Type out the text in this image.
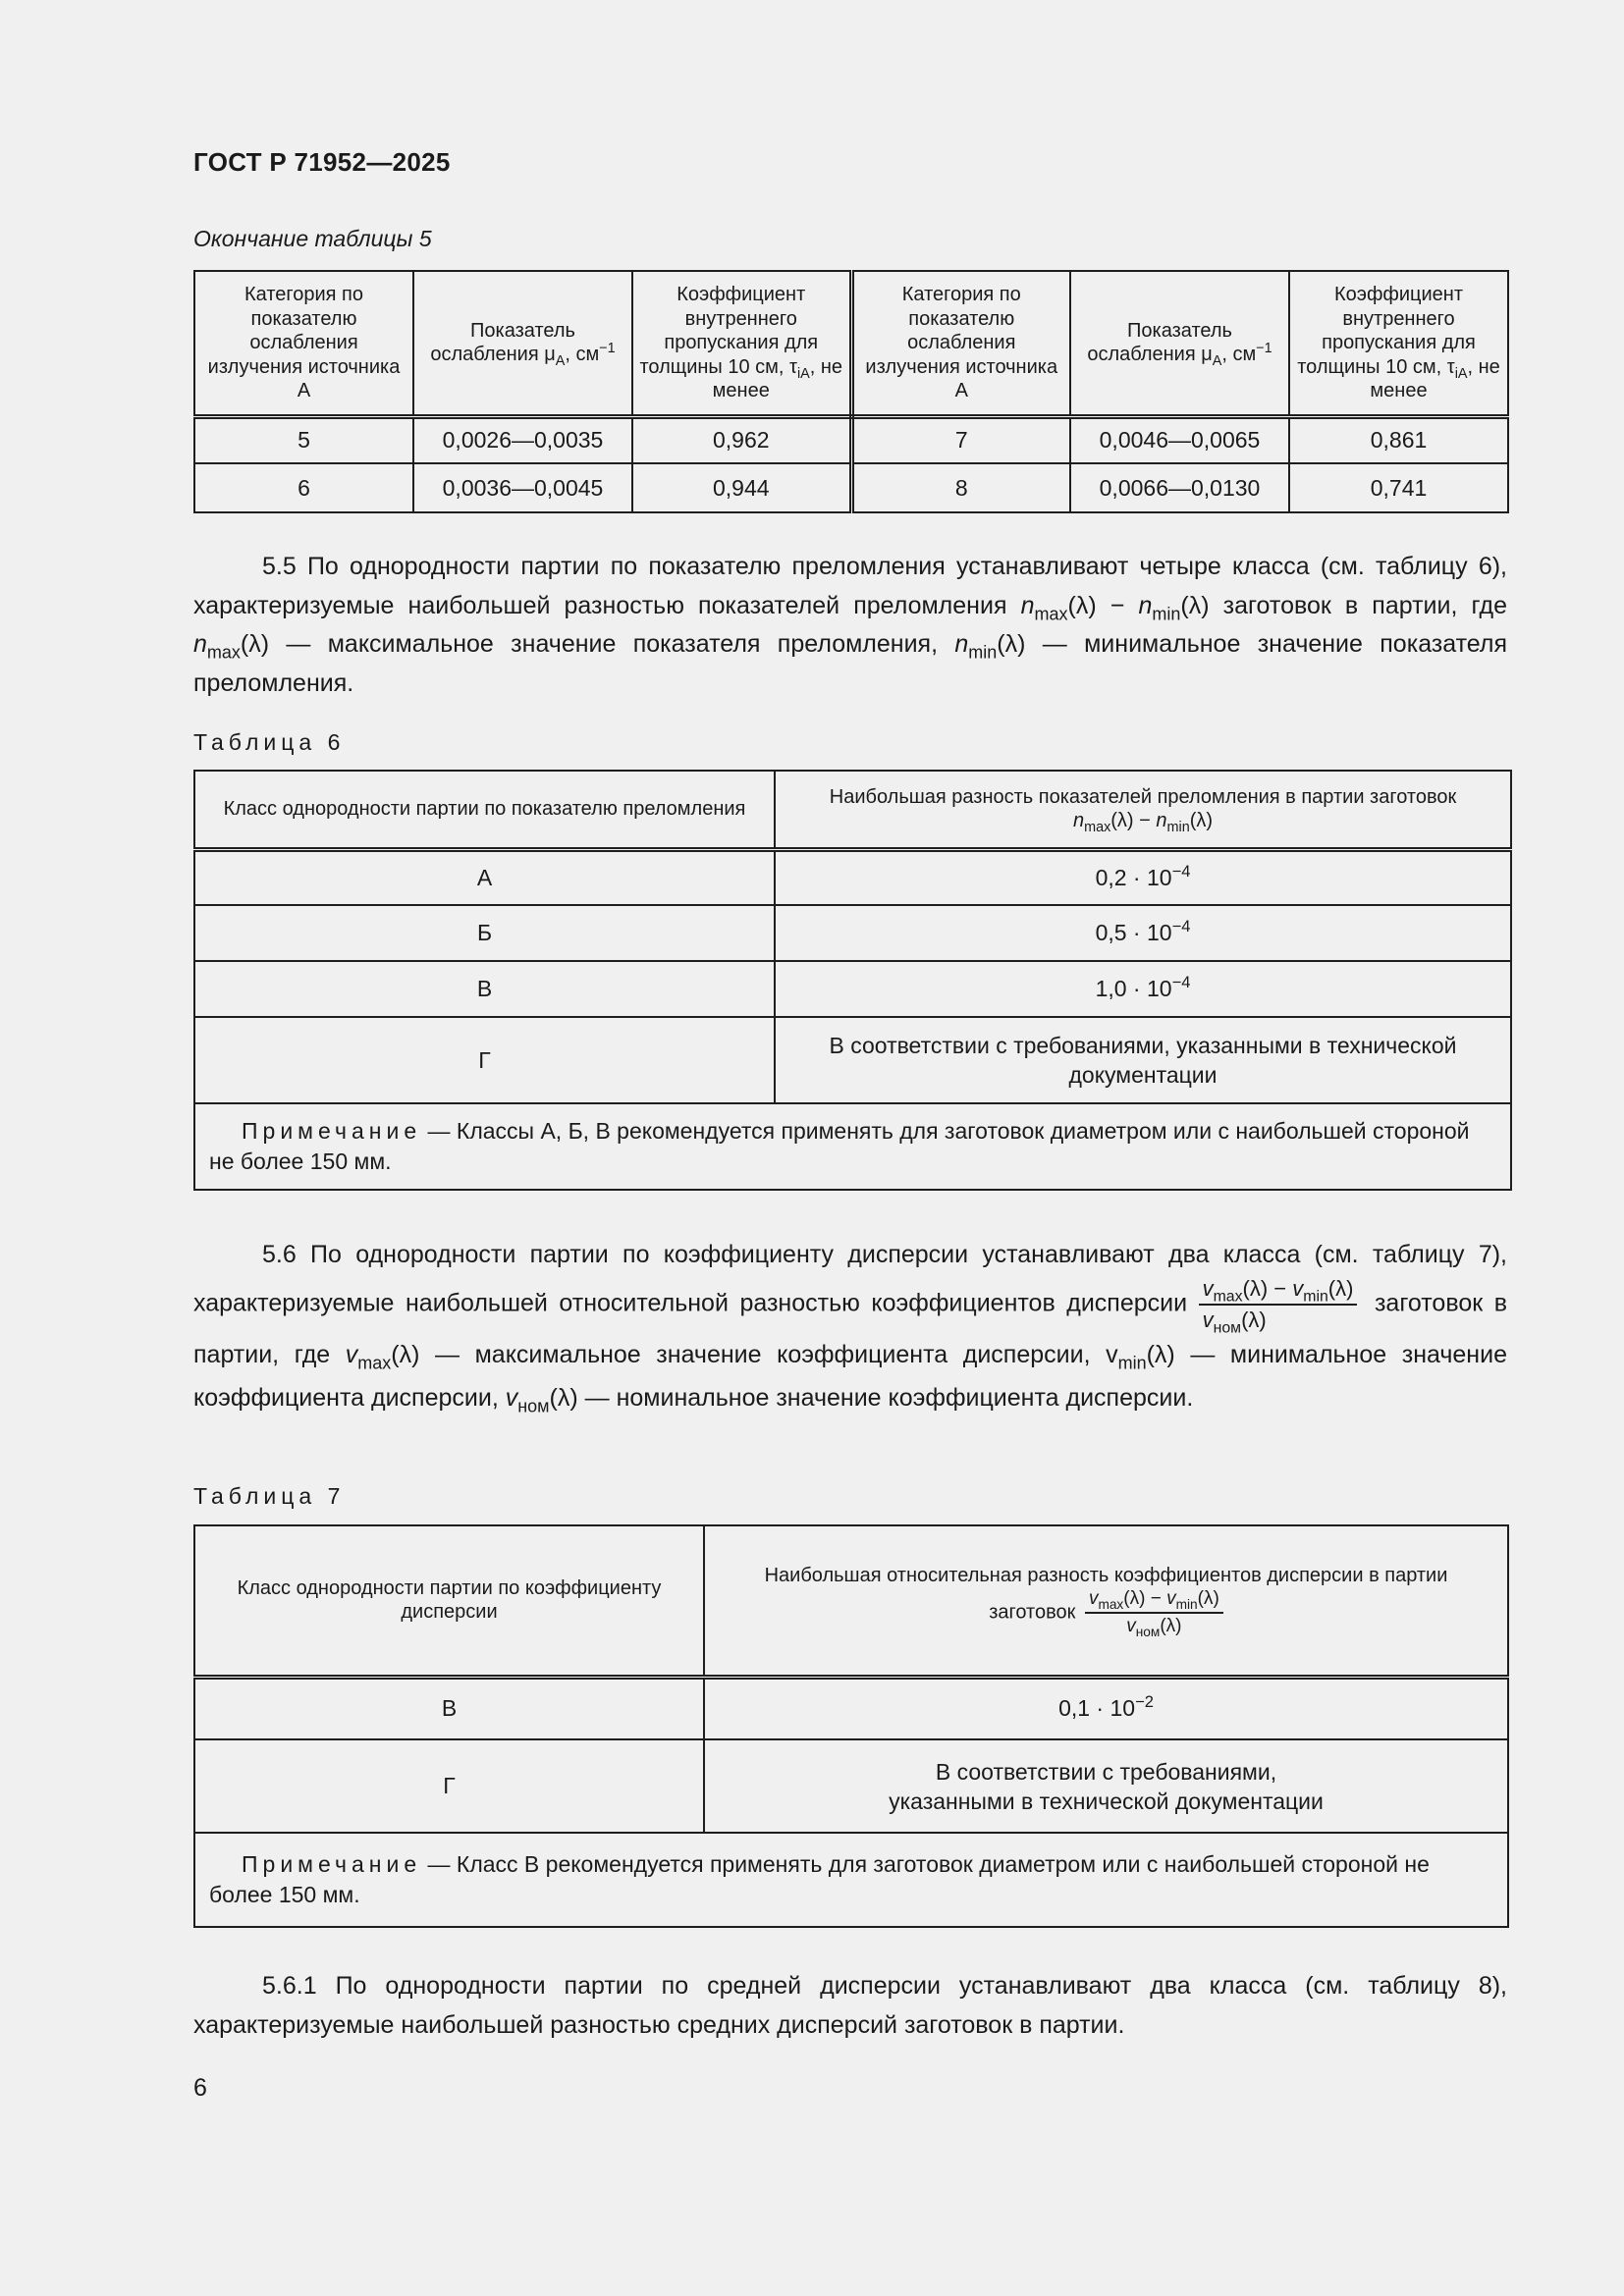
ГОСТ Р 71952—2025
Окончание таблицы 5
Категория по показателю ослабления излучения источника А	Показатель ослабления $\mu_A$, $см^{-1}$	Коэффициент внутреннего пропускания для толщины 10 см, $\tau_{iA}$, не менее	Категория по показателю ослабления излучения источника А	Показатель ослабления $\mu_A$, $см^{-1}$	Коэффициент внутреннего пропускания для толщины 10 см, $\tau_{iA}$, не менее
5	0,0026—0,0035	0,962	7	0,0046—0,0065	0,861
6	0,0036—0,0045	0,944	8	0,0066—0,0130	0,741
5.5 По однородности партии по показателю преломления устанавливают четыре класса (см. таблицу 6), характеризуемые наибольшей разностью показателей преломления $n_{max}(\lambda) - n_{min}(\lambda)$ заготовок в партии, где $n_{max}(\lambda)$ — максимальное значение показателя преломления, $n_{min}(\lambda)$ — минимальное значение показателя преломления.
Таблица 6
Класс однородности партии по показателю преломления	Наибольшая разность показателей преломления в партии заготовок
$n_{max}(\lambda) - n_{min}(\lambda)$
А	$0,2 \cdot 10^{-4}$
Б	$0,5 \cdot 10^{-4}$
В	$1,0 \cdot 10^{-4}$
Г	В соответствии с требованиями, указанными в технической документации
Примечание — Классы А, Б, В рекомендуется применять для заготовок диаметром или с наибольшей стороной не более 150 мм.	
5.6 По однородности партии по коэффициенту дисперсии устанавливают два класса (см. таблицу 7), характеризуемые наибольшей относительной разностью коэффициентов дисперсии $\frac{v_{max}(\lambda) - v_{min}(\lambda)}{v_{ном}(\lambda)}$ заготовок в партии, где $v_{max}(\lambda)$ — максимальное значение коэффициента дисперсии, $v_{min}(\lambda)$ — минимальное значение коэффициента дисперсии, $v_{ном}(\lambda)$ — номинальное значение коэффициента дисперсии.
Таблица 7
Класс однородности партии по коэффициенту дисперсии	Наибольшая относительная разность коэффициентов дисперсии в партии заготовок $\frac{v_{max}(\lambda) - v_{min}(\lambda)}{v_{ном}(\lambda)}$

В	$0,1 \cdot 10^{-2}$
Г	В соответствии с требованиями, указанными в технической документации
Примечание — Класс В рекомендуется применять для заготовок диаметром или с наибольшей стороной не более 150 мм.	
5.6.1 По однородности партии по средней дисперсии устанавливают два класса (см. таблицу 8), характеризуемые наибольшей разностью средних дисперсий заготовок в партии.
6
